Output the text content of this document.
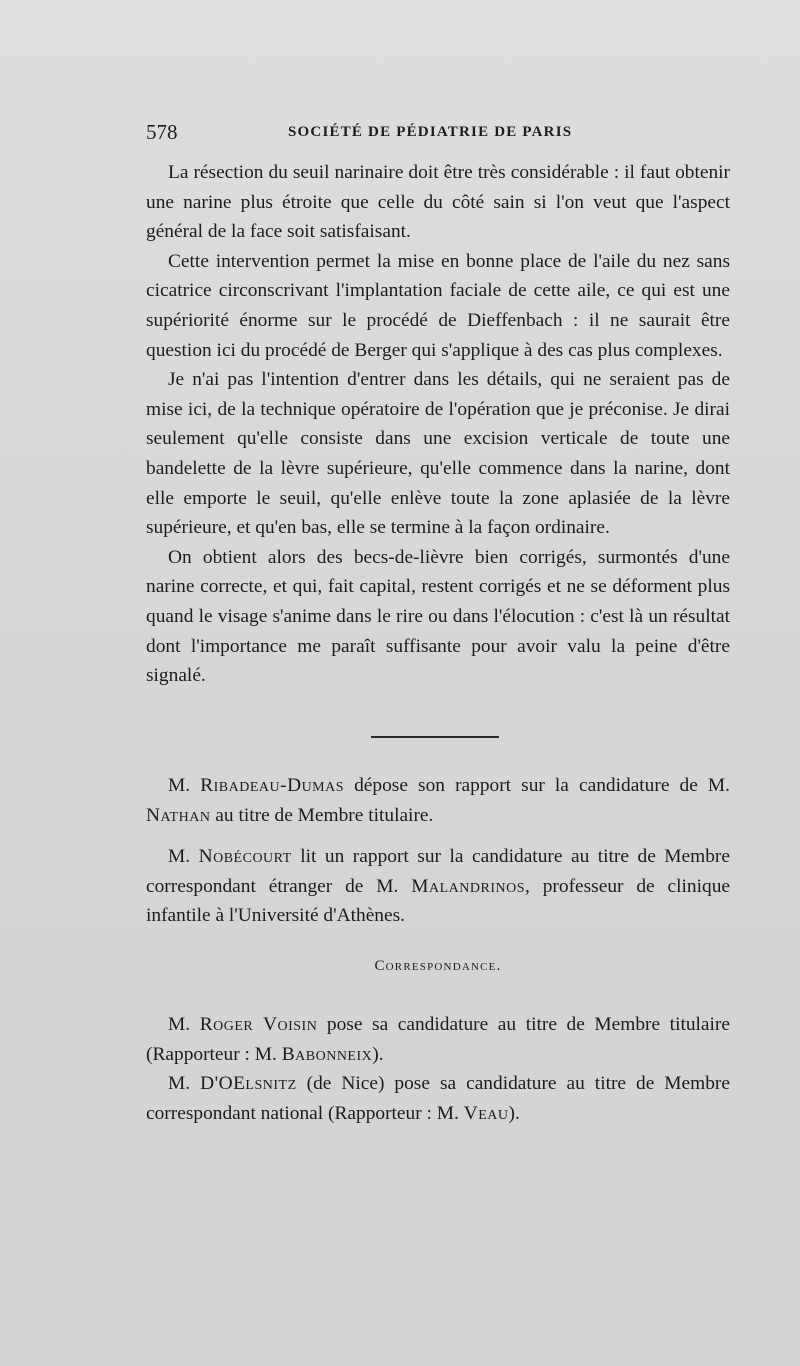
578	SOCIÉTÉ DE PÉDIATRIE DE PARIS

La résection du seuil narinaire doit être très considérable : il faut obtenir une narine plus étroite que celle du côté sain si l'on veut que l'aspect général de la face soit satisfaisant.

Cette intervention permet la mise en bonne place de l'aile du nez sans cicatrice circonscrivant l'implantation faciale de cette aile, ce qui est une supériorité énorme sur le procédé de Dieffenbach : il ne saurait être question ici du procédé de Berger qui s'applique à des cas plus complexes.

Je n'ai pas l'intention d'entrer dans les détails, qui ne seraient pas de mise ici, de la technique opératoire de l'opération que je préconise. Je dirai seulement qu'elle consiste dans une excision verticale de toute une bandelette de la lèvre supérieure, qu'elle commence dans la narine, dont elle emporte le seuil, qu'elle enlève toute la zone aplasiée de la lèvre supérieure, et qu'en bas, elle se termine à la façon ordinaire.

On obtient alors des becs-de-lièvre bien corrigés, surmontés d'une narine correcte, et qui, fait capital, restent corrigés et ne se déforment plus quand le visage s'anime dans le rire ou dans l'élocution : c'est là un résultat dont l'importance me paraît suffisante pour avoir valu la peine d'être signalé.

M. Ribadeau-Dumas dépose son rapport sur la candidature de M. Nathan au titre de Membre titulaire.

M. Nobécourt lit un rapport sur la candidature au titre de Membre correspondant étranger de M. Malandrinos, professeur de clinique infantile à l'Université d'Athènes.

Correspondance.

M. Roger Voisin pose sa candidature au titre de Membre titulaire (Rapporteur : M. Babonneix).

M. D'OElsnitz (de Nice) pose sa candidature au titre de Membre correspondant national (Rapporteur : M. Veau).
